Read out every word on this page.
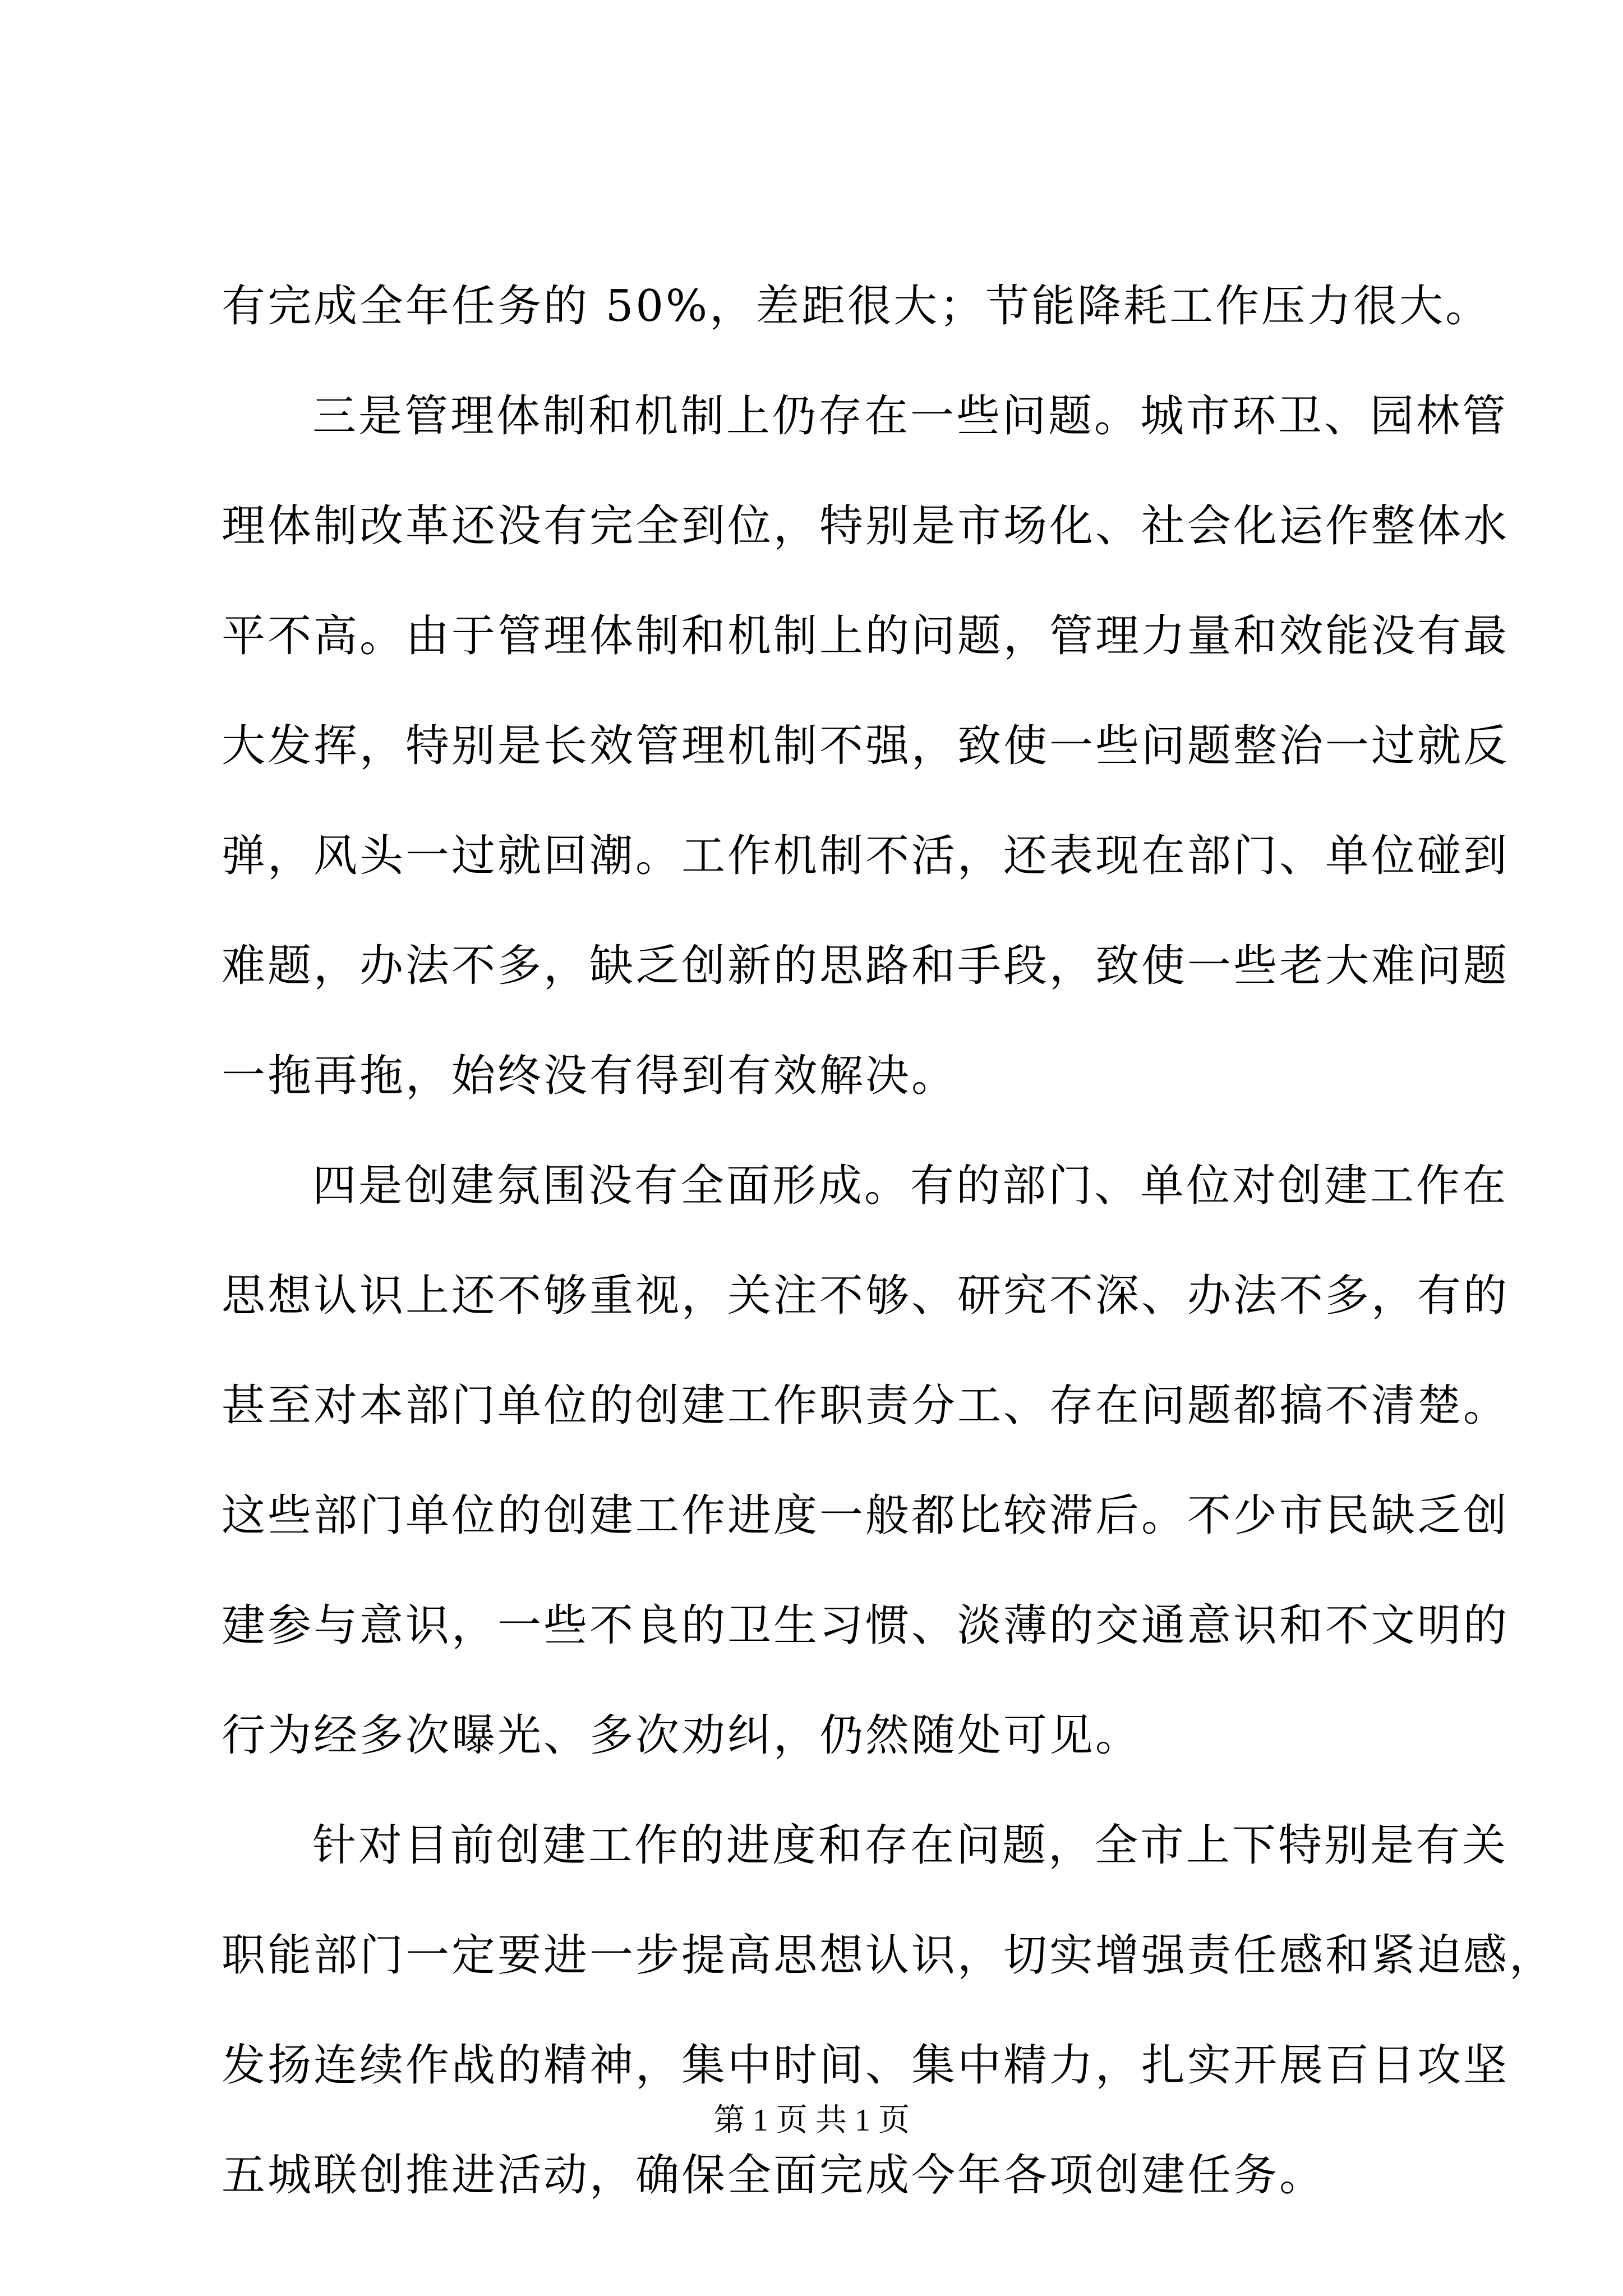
有完成全年任务的 50%，差距很大；节能降耗工作压力很大。
三是管理体制和机制上仍存在一些问题。城市环卫、园林管
理体制改革还没有完全到位，特别是市场化、社会化运作整体水
平不高。由于管理体制和机制上的问题，管理力量和效能没有最
大发挥，特别是长效管理机制不强，致使一些问题整治一过就反
弹，风头一过就回潮。工作机制不活，还表现在部门、单位碰到
难题，办法不多，缺乏创新的思路和手段，致使一些老大难问题
一拖再拖，始终没有得到有效解决。
四是创建氛围没有全面形成。有的部门、单位对创建工作在
思想认识上还不够重视，关注不够、研究不深、办法不多，有的
甚至对本部门单位的创建工作职责分工、存在问题都搞不清楚。
这些部门单位的创建工作进度一般都比较滞后。不少市民缺乏创
建参与意识，一些不良的卫生习惯、淡薄的交通意识和不文明的
行为经多次曝光、多次劝纠，仍然随处可见。
针对目前创建工作的进度和存在问题，全市上下特别是有关
职能部门一定要进一步提高思想认识，切实增强责任感和紧迫感，
发扬连续作战的精神，集中时间、集中精力，扎实开展百日攻坚
五城联创推进活动，确保全面完成今年各项创建任务。
第 1 页 共 1 页
